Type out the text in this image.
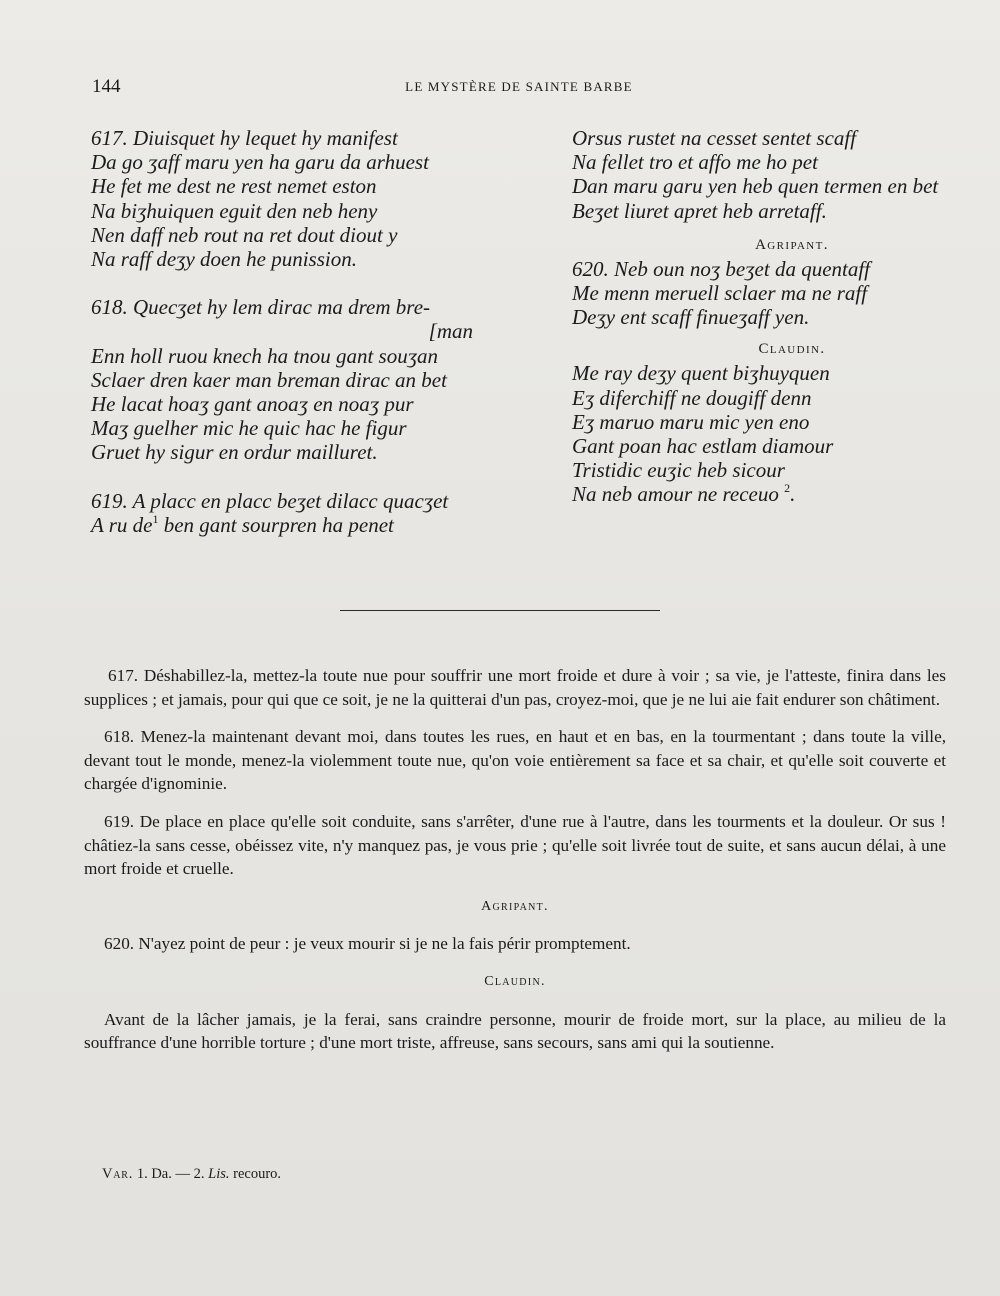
144	LE MYSTÈRE DE SAINTE BARBE
617. Diuisquet hy lequet hy manifest
Da go ʒaff maru yen ha garu da arhuest
He fet me dest ne rest nemet eston
Na biʒhuiquen eguit den neb heny
Nen daff neb rout na ret dout diout y
Na raff deʒy doen he punission.
618. Quecʒet hy lem dirac ma drem bre-
[man
Enn holl ruou knech ha tnou gant souʒan
Sclaer dren kaer man breman dirac an bet
He lacat hoaʒ gant anoaʒ en noaʒ pur
Maʒ guelher mic he quic hac he figur
Gruet hy sigur en ordur mailluret.
619. A placc en placc beʒet dilacc quacʒet
A ru $de^1$ ben gant sourpren ha penet
Orsus rustet na cesset sentet scaff
Na fellet tro et affo me ho pet
Dan maru garu yen heb quen termen en bet
Beʒet liuret apret heb arretaff.
Agripant.
620. Neb oun noʒ beʒet da quentaff
Me menn meruell sclaer ma ne raff
Deʒy ent scaff finueʒaff yen.
Claudin.
Me ray deʒy quent biʒhuyquen
Eʒ diferchiff ne dougiff denn
Eʒ maruo maru mic yen eno
Gant poan hac estlam diamour
Tristidic euʒic heb sicour
Na neb amour ne receuo $^2$.

617. Déshabillez-la, mettez-la toute nue pour souffrir une mort froide et dure à voir ; sa vie, je l'atteste, finira dans les supplices ; et jamais, pour qui que ce soit, je ne la quitterai d'un pas, croyez-moi, que je ne lui aie fait endurer son châtiment.

618. Menez-la maintenant devant moi, dans toutes les rues, en haut et en bas, en la tourmentant ; dans toute la ville, devant tout le monde, menez-la violemment toute nue, qu'on voie entièrement sa face et sa chair, et qu'elle soit couverte et chargée d'ignominie.

619. De place en place qu'elle soit conduite, sans s'arrêter, d'une rue à l'autre, dans les tourments et la douleur. Or sus ! châtiez-la sans cesse, obéissez vite, n'y manquez pas, je vous prie ; qu'elle soit livrée tout de suite, et sans aucun délai, à une mort froide et cruelle.

Agripant.

620. N'ayez point de peur : je veux mourir si je ne la fais périr promptement.

Claudin.

Avant de la lâcher jamais, je la ferai, sans craindre personne, mourir de froide mort, sur la place, au milieu de la souffrance d'une horrible torture ; d'une mort triste, affreuse, sans secours, sans ami qui la soutienne.

Var. 1. Da. — 2. Lis. recouro.
